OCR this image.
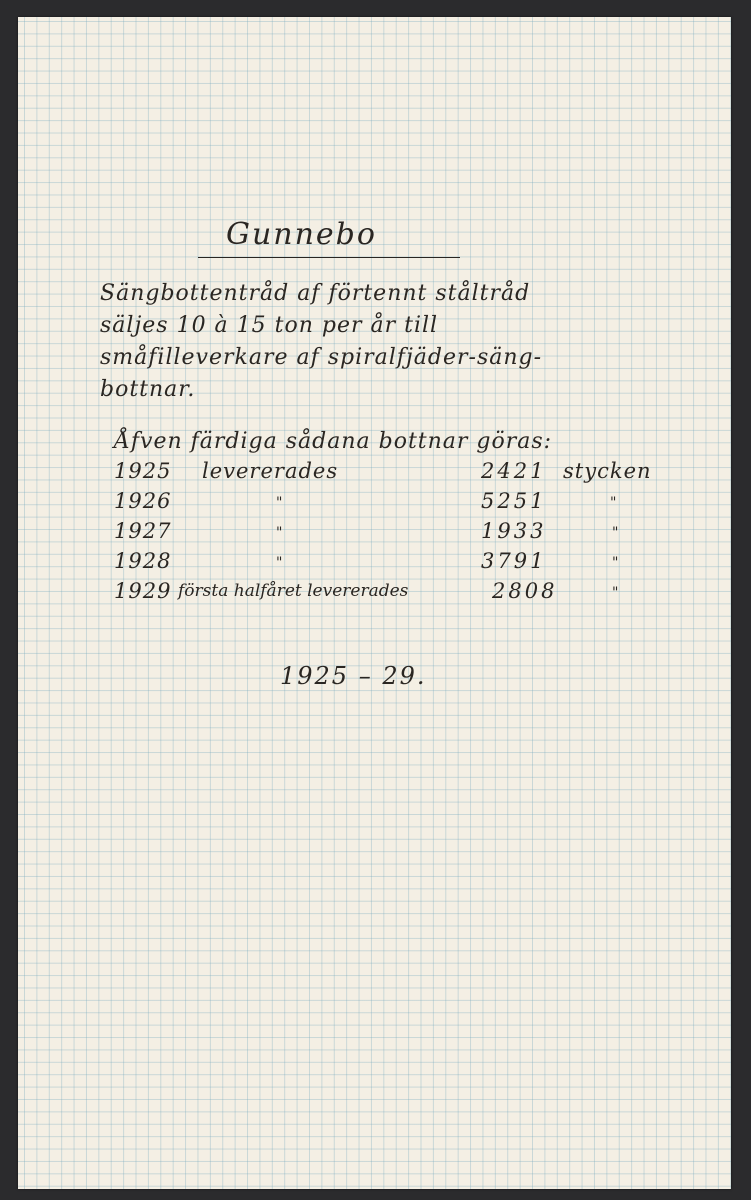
Gunnebo
Sängbottentråd af förtennt ståltråd
säljes 10 à 15 ton per år till
småfilleverkare af spiralfjäder-säng-
bottnar.
Åfven färdiga sådana bottnar göras:
1925 levererades	2421 stycken
1926	"	5251	"
1927	"	1933	"
1928	"	3791	"
1929 första halfåret levererades	2808	"
1925 – 29.
